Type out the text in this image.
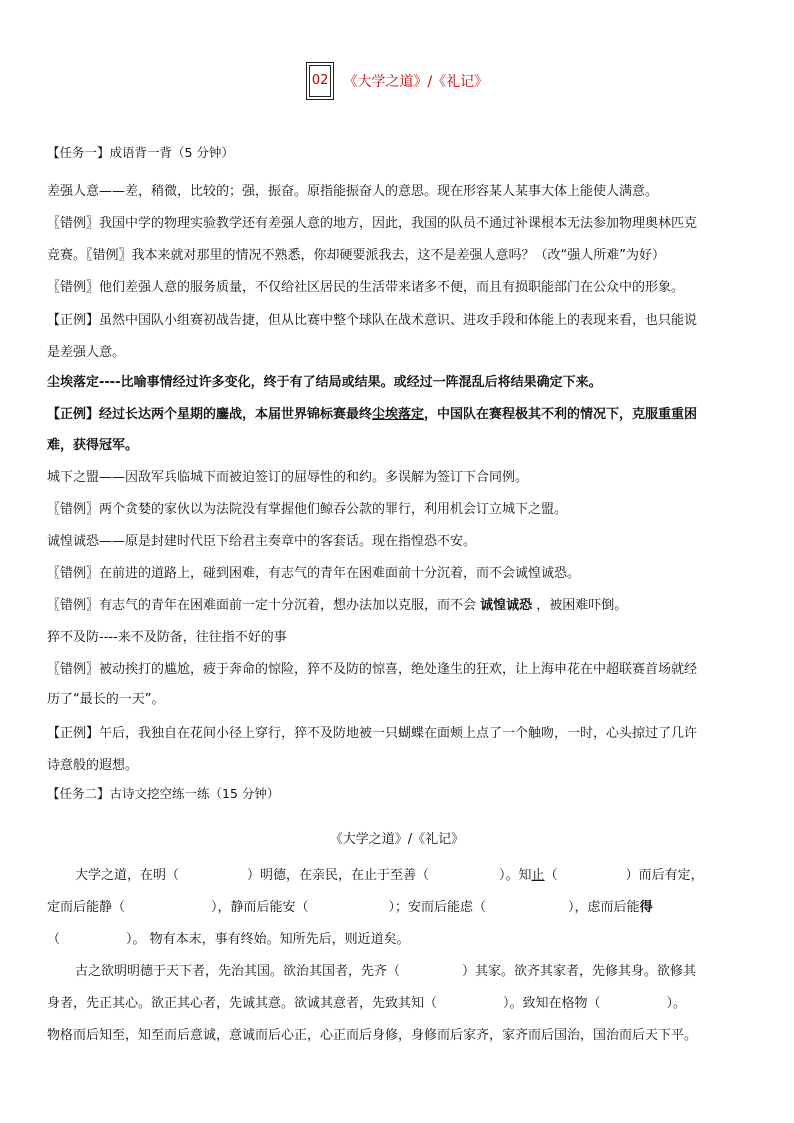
02 《大学之道》/《礼记》
【任务一】成语背一背（5 分钟）
差强人意——差，稍微，比较的；强，振奋。原指能振奋人的意思。现在形容某人某事大体上能使人满意。
〖错例〗我国中学的物理实验教学还有差强人意的地方，因此，我国的队员不通过补课根本无法参加物理奥林匹克
竞赛。〖错例〗我本来就对那里的情况不熟悉，你却硬要派我去，这不是差强人意吗？（改“强人所难”为好）
〖错例〗他们差强人意的服务质量，不仅给社区居民的生活带来诸多不便，而且有损职能部门在公众中的形象。
【正例】虽然中国队小组赛初战告捷，但从比赛中整个球队在战术意识、进攻手段和体能上的表现来看，也只能说
是差强人意。
尘埃落定----比喻事情经过许多变化，终于有了结局或结果。或经过一阵混乱后将结果确定下来。
【正例】经过长达两个星期的鏖战，本届世界锦标赛最终尘埃落定，中国队在赛程极其不利的情况下，克服重重困
难，获得冠军。
城下之盟——因敌军兵临城下而被迫签订的屈辱性的和约。多误解为签订下合同例。
〖错例〗两个贪婪的家伙以为法院没有掌握他们鲸吞公款的罪行，利用机会订立城下之盟。
诚惶诚恐——原是封建时代臣下给君主奏章中的客套话。现在指惶恐不安。
〖错例〗在前进的道路上，碰到困难，有志气的青年在困难面前十分沉着，而不会诚惶诚恐。
〖错例〗有志气的青年在困难面前一定十分沉着，想办法加以克服，而不会 诚惶诚恐 ，被困难吓倒。
猝不及防----来不及防备，往往指不好的事
〖错例〗被动挨打的尴尬，疲于奔命的惊险，猝不及防的惊喜，绝处逢生的狂欢，让上海申花在中超联赛首场就经
历了“最长的一天”。
【正例】午后，我独自在花间小径上穿行，猝不及防地被一只蝴蝶在面颊上点了一个触吻，一时，心头掠过了几许
诗意般的遐想。
【任务二】古诗文挖空练一练（15 分钟）
《大学之道》/《礼记》
大学之道，在明（	）明德，在亲民，在止于至善（	）。知止（	）而后有定，
定而后能静（	），静而后能安（	）；安而后能虑（	），虑而后能得
（	）。 物有本末，事有终始。知所先后，则近道矣。
古之欲明明德于天下者，先治其国。欲治其国者，先齐（	）其家。欲齐其家者，先修其身。欲修其
身者，先正其心。欲正其心者，先诚其意。欲诚其意者，先致其知（	）。致知在格物（	）。
物格而后知至，知至而后意诚，意诚而后心正，心正而后身修，身修而后家齐，家齐而后国治，国治而后天下平。
